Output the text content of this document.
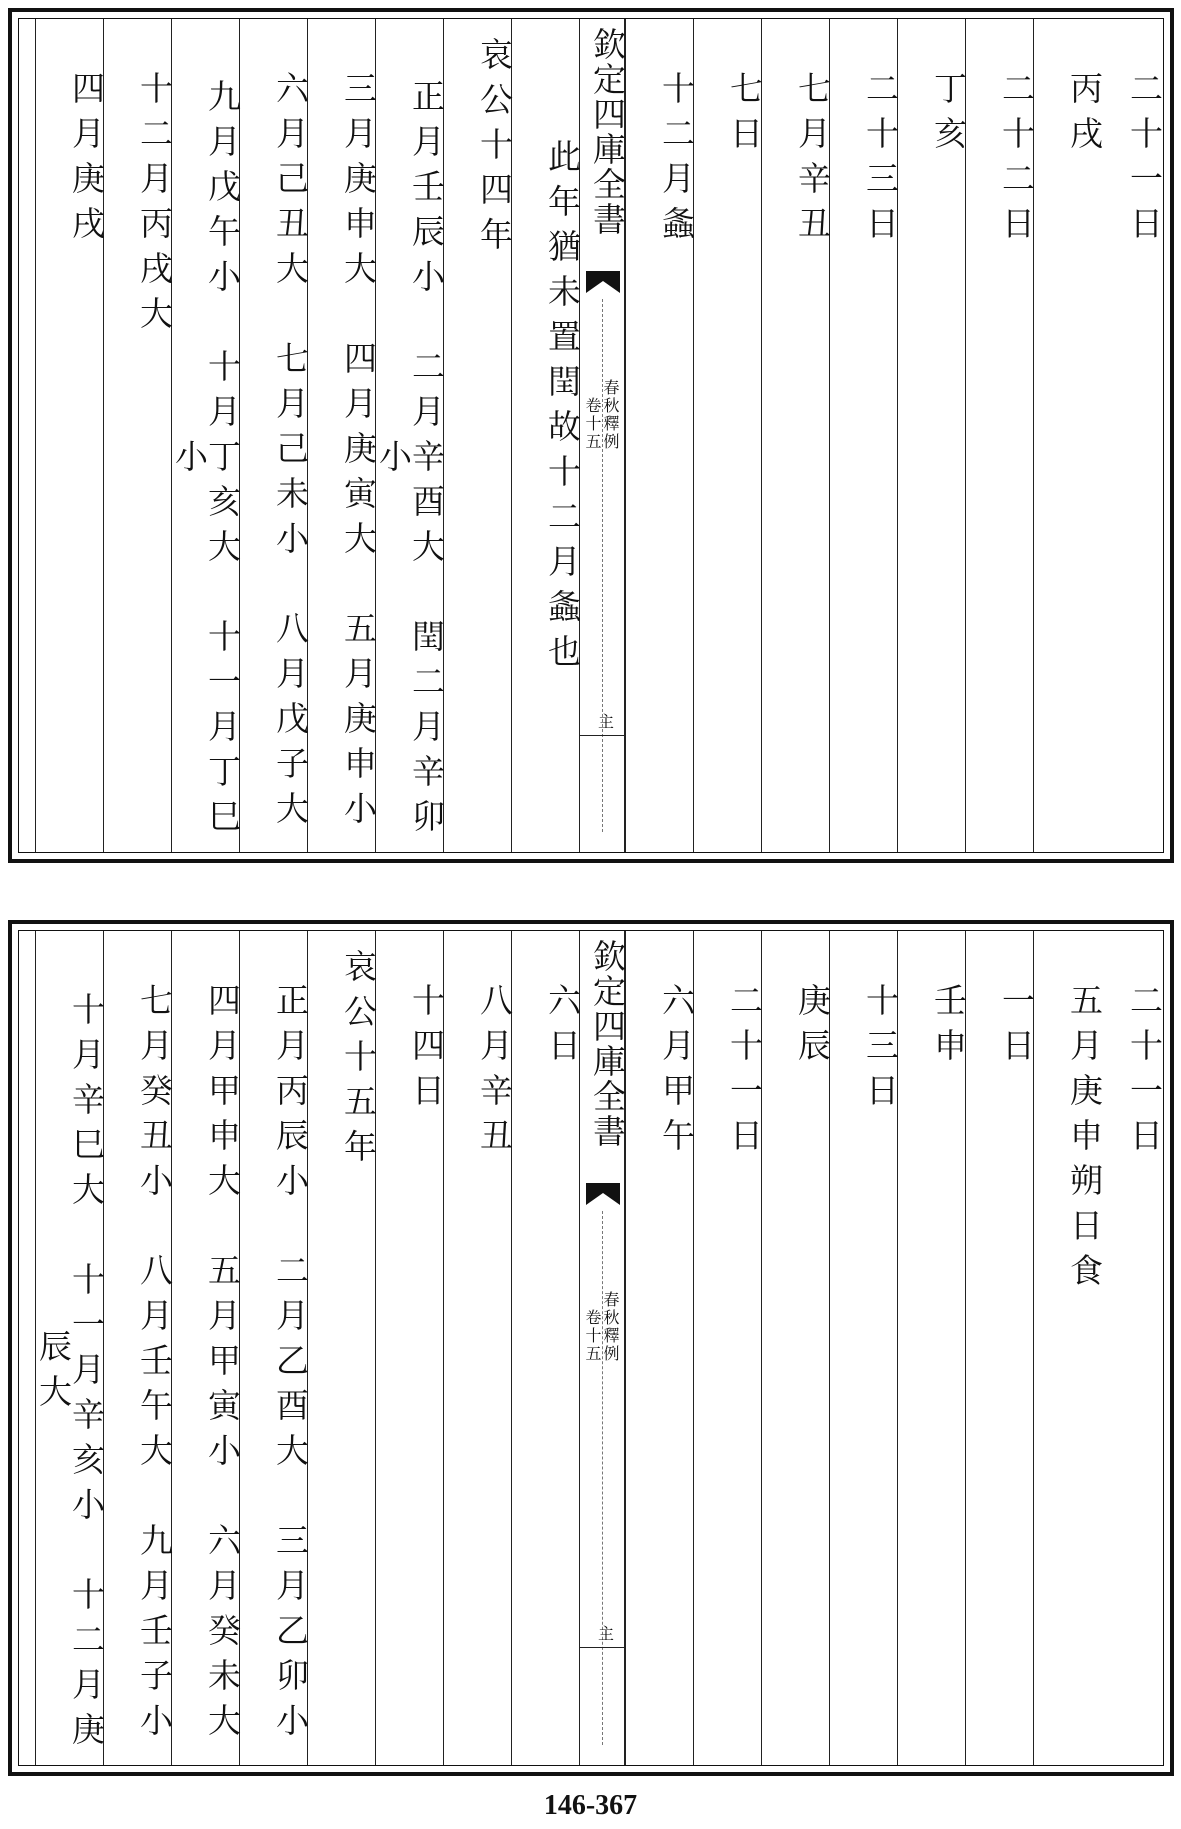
二十一日
丙戌
二十二日
丁亥
二十三日
七月辛丑
七日
十二月螽
欽定四庫全書
春秋釋例
卷十五
主
此年猶未置閏故十二月螽也
哀公十四年
正月壬辰小　二月辛酉大　閏二月辛卯小
三月庚申大　四月庚寅大　五月庚申小
六月己丑大　七月己未小　八月戊子大
九月戊午小　十月丁亥大　十一月丁巳小
十二月丙戌大
四月庚戌
二十一日
五月庚申朔日食
一日
壬申
十三日
庚辰
二十一日
六月甲午
欽定四庫全書
春秋釋例
卷十五
主
六日
八月辛丑
十四日
哀公十五年
正月丙辰小　二月乙酉大　三月乙卯小
四月甲申大　五月甲寅小　六月癸未大
七月癸丑小　八月壬午大　九月壬子小
十月辛巳大　十一月辛亥小　十二月庚辰大
146-367
